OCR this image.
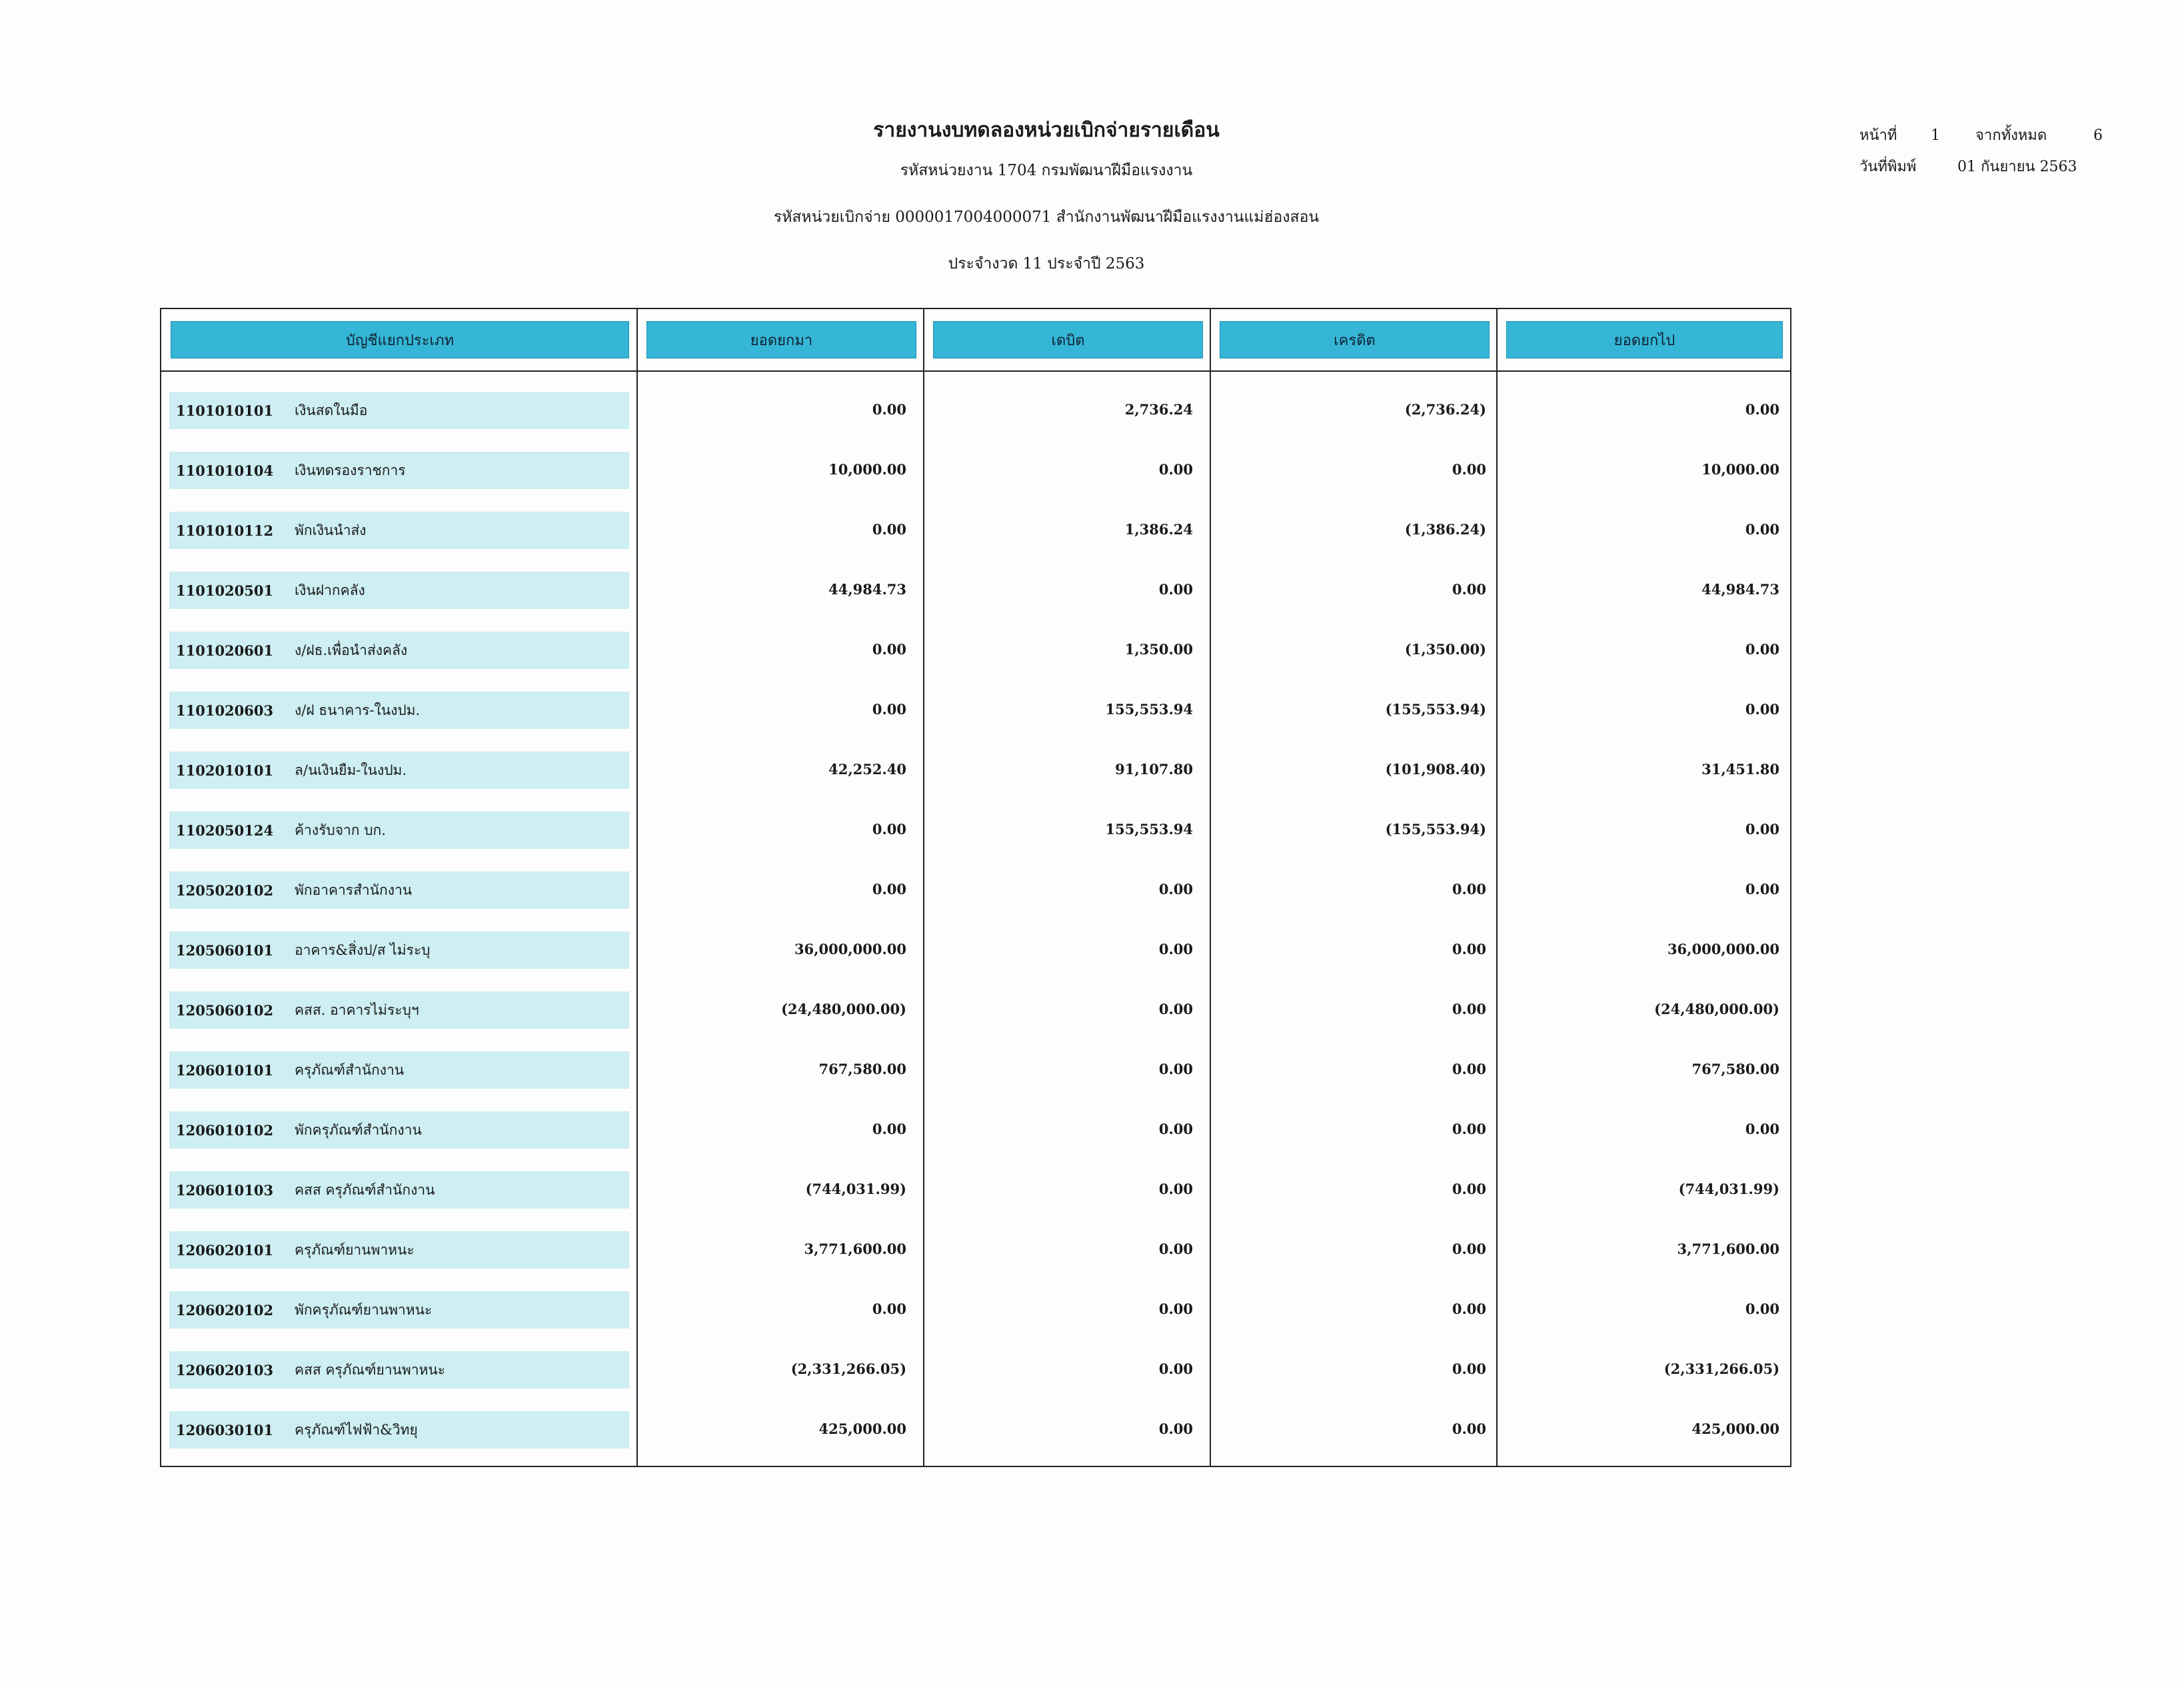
รายงานงบทดลองหน่วยเบิกจ่ายรายเดือน
รหัสหน่วยงาน 1704 กรมพัฒนาฝีมือแรงงาน
รหัสหน่วยเบิกจ่าย 0000017004000071 สำนักงานพัฒนาฝีมือแรงงานแม่ฮ่องสอน
ประจำงวด 11 ประจำปี 2563
หน้าที่ 1 จากทั้งหมด	6
วันที่พิมพ์	01 กันยายน 2563
บัญชีแยกประเภท	ยอดยกมา	เดบิต	เครดิต	ยอดยกไป
1101010101	เงินสดในมือ	0.00	2,736.24	(2,736.24)	0.00
1101010104	เงินทดรองราชการ	10,000.00	0.00	0.00	10,000.00
1101010112	พักเงินนำส่ง	0.00	1,386.24	(1,386.24)	0.00
1101020501	เงินฝากคลัง	44,984.73	0.00	0.00	44,984.73
1101020601	ง/ฝธ.เพื่อนำส่งคลัง	0.00	1,350.00	(1,350.00)	0.00
1101020603	ง/ฝ ธนาคาร-ในงปม.	0.00	155,553.94	(155,553.94)	0.00
1102010101	ล/นเงินยืม-ในงปม.	42,252.40	91,107.80	(101,908.40)	31,451.80
1102050124	ค้างรับจาก บก.	0.00	155,553.94	(155,553.94)	0.00
1205020102	พักอาคารสำนักงาน	0.00	0.00	0.00	0.00
1205060101	อาคาร&สิ่งป/ส ไม่ระบุ	36,000,000.00	0.00	0.00	36,000,000.00
1205060102	คสส. อาคารไม่ระบุฯ	(24,480,000.00)	0.00	0.00	(24,480,000.00)
1206010101	ครุภัณฑ์สำนักงาน	767,580.00	0.00	0.00	767,580.00
1206010102	พักครุภัณฑ์สำนักงาน	0.00	0.00	0.00	0.00
1206010103	คสส ครุภัณฑ์สำนักงาน	(744,031.99)	0.00	0.00	(744,031.99)
1206020101	ครุภัณฑ์ยานพาหนะ	3,771,600.00	0.00	0.00	3,771,600.00
1206020102	พักครุภัณฑ์ยานพาหนะ	0.00	0.00	0.00	0.00
1206020103	คสส ครุภัณฑ์ยานพาหนะ	(2,331,266.05)	0.00	0.00	(2,331,266.05)
1206030101	ครุภัณฑ์ไฟฟ้า&วิทยุ	425,000.00	0.00	0.00	425,000.00
